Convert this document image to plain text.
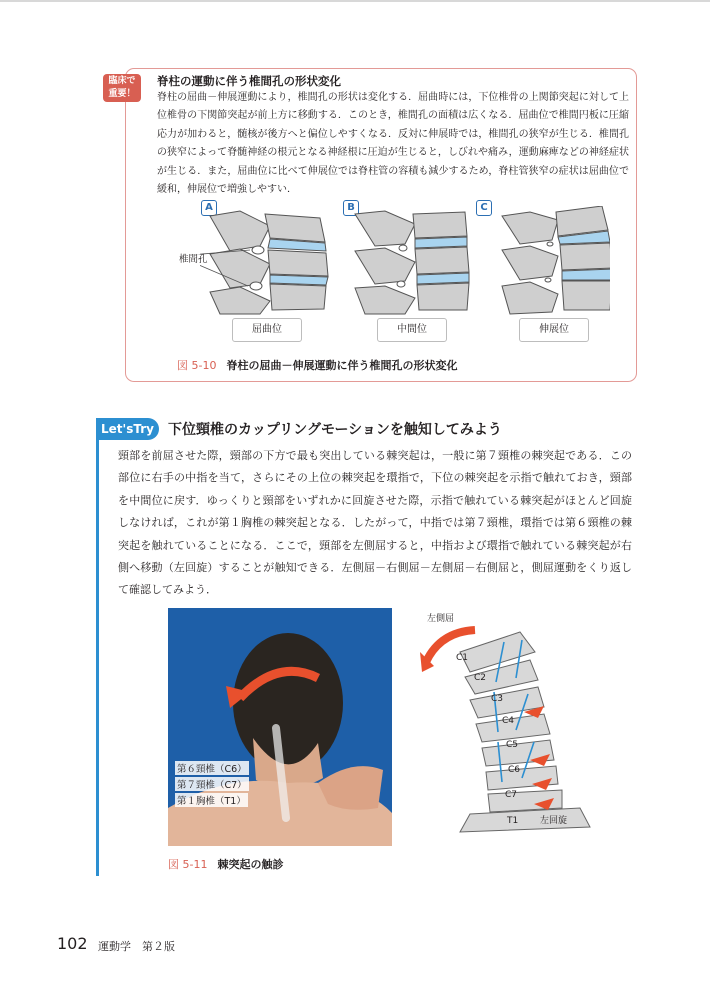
臨床で
重要！
脊柱の運動に伴う椎間孔の形状変化
脊柱の屈曲－伸展運動により，椎間孔の形状は変化する．屈曲時には，下位椎骨の上関節突起に対して上位椎骨の下関節突起が前上方に移動する．このとき，椎間孔の面積は広くなる．屈曲位で椎間円板に圧縮応力が加わると，髄核が後方へと偏位しやすくなる．反対に伸展時では，椎間孔の狭窄が生じる．椎間孔の狭窄によって脊髄神経の根元となる神経根に圧迫が生じると，しびれや痛み，運動麻痺などの神経症状が生じる．また，屈曲位に比べて伸展位では脊柱管の容積も減少するため，脊柱管狭窄の症状は屈曲位で緩和，伸展位で増強しやすい．
A	B	C
椎間孔
屈曲位	中間位	伸展位
図 5-10 脊柱の屈曲－伸展運動に伴う椎間孔の形状変化
Let'sTry	下位頸椎のカップリングモーションを触知してみよう
頸部を前屈させた際，頸部の下方で最も突出している棘突起は，一般に第７頸椎の棘突起である．この部位に右手の中指を当て，さらにその上位の棘突起を環指で，下位の棘突起を示指で触れておき，頸部を中間位に戻す．ゆっくりと頸部をいずれかに回旋させた際，示指で触れている棘突起がほとんど回旋しなければ，これが第１胸椎の棘突起となる．したがって，中指では第７頸椎，環指では第６頸椎の棘突起を触れていることになる．ここで，頸部を左側屈すると，中指および環指で触れている棘突起が右側へ移動（左回旋）することが触知できる．左側屈－右側屈－左側屈－右側屈と，側屈運動をくり返して確認してみよう．
第６頸椎（C6）
第７頸椎（C7）
第１胸椎（T1）
左側屈
C1
C2
C3
C4
C5
C6
C7
T1 左回旋
図 5-11 棘突起の触診
102 運動学　第２版
